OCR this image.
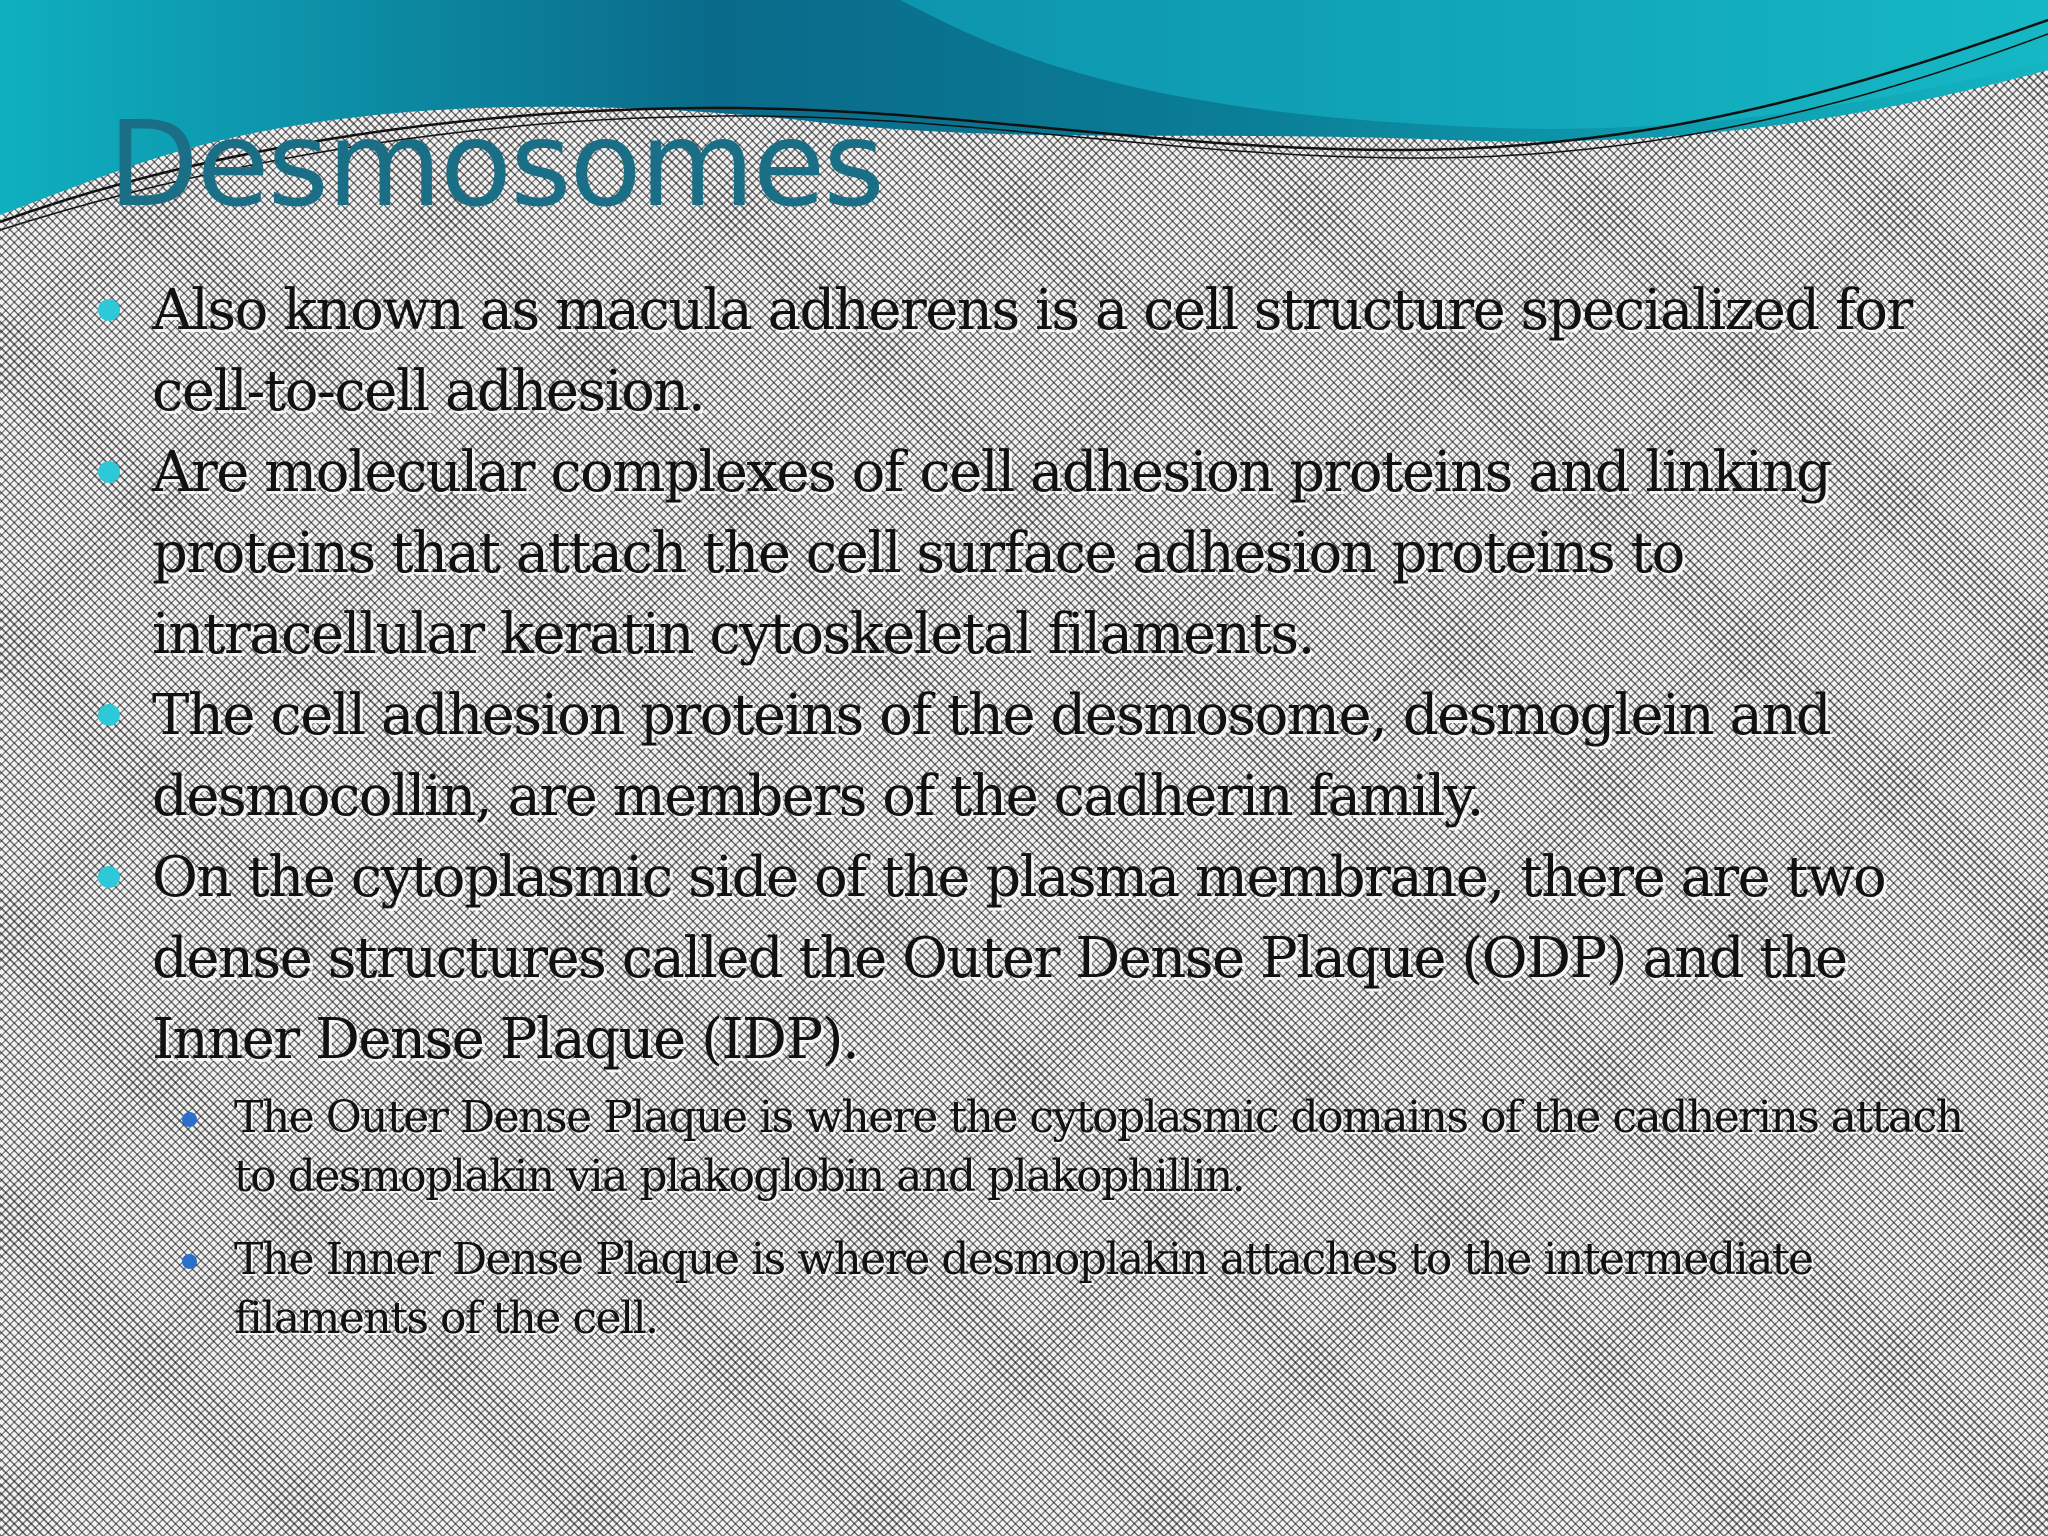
Desmosomes
Also known as macula adherens is a cell structure specialized for cell-to-cell adhesion.
Are molecular complexes of cell adhesion proteins and linking proteins that attach the cell surface adhesion proteins to intracellular keratin cytoskeletal filaments.
The cell adhesion proteins of the desmosome, desmoglein and desmocollin, are members of the cadherin family.
On the cytoplasmic side of the plasma membrane, there are two dense structures called the Outer Dense Plaque (ODP) and the Inner Dense Plaque (IDP).
The Outer Dense Plaque is where the cytoplasmic domains of the cadherins attach to desmoplakin via plakoglobin and plakophillin.
The Inner Dense Plaque is where desmoplakin attaches to the intermediate filaments of the cell.
